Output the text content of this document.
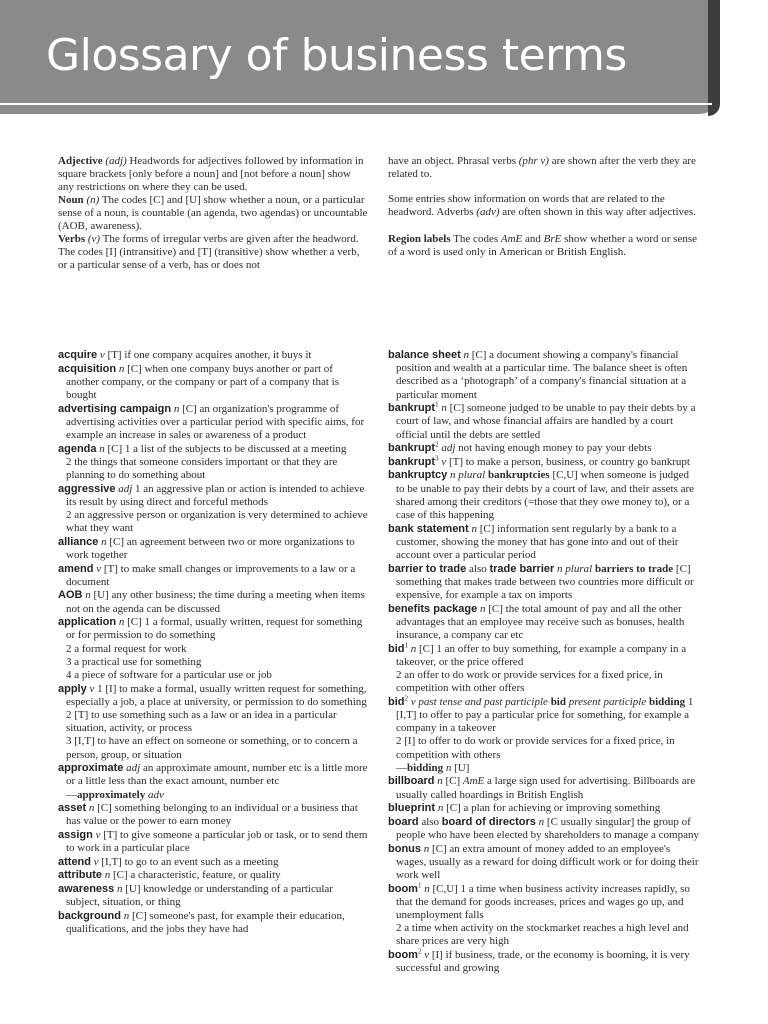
Glossary of business terms

Adjective (adj) Headwords for adjectives followed by information in square brackets [only before a noun] and [not before a noun] show any restrictions on where they can be used.

Noun (n) The codes [C] and [U] show whether a noun, or a particular sense of a noun, is countable (an agenda, two agendas) or uncountable (AOB, awareness).

Verbs (v) The forms of irregular verbs are given after the headword. The codes [I] (intransitive) and [T] (transitive) show whether a verb, or a particular sense of a verb, has or does not

have an object. Phrasal verbs (phr v) are shown after the verb they are related to.

Some entries show information on words that are related to the headword. Adverbs (adv) are often shown in this way after adjectives.

Region labels The codes AmE and BrE show whether a word or sense of a word is used only in American or British English.

acquire v [T] if one company acquires another, it buys it
acquisition n [C] when one company buys another or part of another company, or the company or part of a company that is bought
advertising campaign n [C] an organization's programme of advertising activities over a particular period with specific aims, for example an increase in sales or awareness of a product
agenda n [C] 1 a list of the subjects to be discussed at a meeting
2 the things that someone considers important or that they are planning to do something about
aggressive adj 1 an aggressive plan or action is intended to achieve its result by using direct and forceful methods
2 an aggressive person or organization is very determined to achieve what they want
alliance n [C] an agreement between two or more organizations to work together
amend v [T] to make small changes or improvements to a law or a document
AOB n [U] any other business; the time during a meeting when items not on the agenda can be discussed
application n [C] 1 a formal, usually written, request for something or for permission to do something
2 a formal request for work
3 a practical use for something
4 a piece of software for a particular use or job
apply v 1 [I] to make a formal, usually written request for something, especially a job, a place at university, or permission to do something
2 [T] to use something such as a law or an idea in a particular situation, activity, or process
3 [I,T] to have an effect on someone or something, or to concern a person, group, or situation
approximate adj an approximate amount, number etc is a little more or a little less than the exact amount, number etc
—approximately adv
asset n [C] something belonging to an individual or a business that has value or the power to earn money
assign v [T] to give someone a particular job or task, or to send them to work in a particular place
attend v [I,T] to go to an event such as a meeting
attribute n [C] a characteristic, feature, or quality
awareness n [U] knowledge or understanding of a particular subject, situation, or thing
background n [C] someone's past, for example their education, qualifications, and the jobs they have had
balance sheet n [C] a document showing a company's financial position and wealth at a particular time. The balance sheet is often described as a ‘photograph’ of a company's financial situation at a particular moment
bankrupt$^1$ n [C] someone judged to be unable to pay their debts by a court of law, and whose financial affairs are handled by a court official until the debts are settled
bankrupt$^2$ adj not having enough money to pay your debts
bankrupt$^3$ v [T] to make a person, business, or country go bankrupt
bankruptcy n plural bankruptcies [C,U] when someone is judged to be unable to pay their debts by a court of law, and their assets are shared among their creditors (=those that they owe money to), or a case of this happening
bank statement n [C] information sent regularly by a bank to a customer, showing the money that has gone into and out of their account over a particular period
barrier to trade also trade barrier n plural barriers to trade [C] something that makes trade between two countries more difficult or expensive, for example a tax on imports
benefits package n [C] the total amount of pay and all the other advantages that an employee may receive such as bonuses, health insurance, a company car etc
bid$^1$ n [C] 1 an offer to buy something, for example a company in a takeover, or the price offered
2 an offer to do work or provide services for a fixed price, in competition with other offers
bid$^2$ v past tense and past participle bid present participle bidding 1 [I,T] to offer to pay a particular price for something, for example a company in a takeover
2 [I] to offer to do work or provide services for a fixed price, in competition with others
—bidding n [U]
billboard n [C] AmE a large sign used for advertising. Billboards are usually called hoardings in British English
blueprint n [C] a plan for achieving or improving something
board also board of directors n [C usually singular] the group of people who have been elected by shareholders to manage a company
bonus n [C] an extra amount of money added to an employee's wages, usually as a reward for doing difficult work or for doing their work well
boom$^1$ n [C,U] 1 a time when business activity increases rapidly, so that the demand for goods increases, prices and wages go up, and unemployment falls
2 a time when activity on the stockmarket reaches a high level and share prices are very high
boom$^2$ v [I] if business, trade, or the economy is booming, it is very successful and growing
